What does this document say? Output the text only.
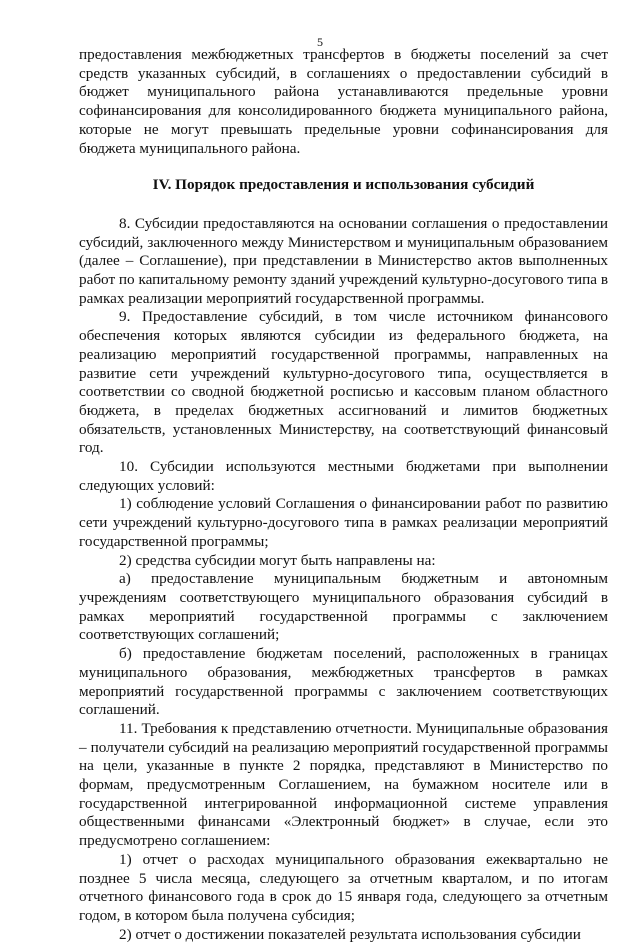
5

предоставления межбюджетных трансфертов в бюджеты поселений за счет средств указанных субсидий, в соглашениях о предоставлении субсидий в бюджет муниципального района устанавливаются предельные уровни софинансирования для консолидированного бюджета муниципального района, которые не могут превышать предельные уровни софинансирования для бюджета муниципального района.

IV. Порядок предоставления и использования субсидий

8. Субсидии предоставляются на основании соглашения о предоставлении субсидий, заключенного между Министерством и муниципальным образованием (далее – Соглашение), при представлении в Министерство актов выполненных работ по капитальному ремонту зданий учреждений культурно-досугового типа в рамках реализации мероприятий государственной программы.

9. Предоставление субсидий, в том числе источником финансового обеспечения которых являются субсидии из федерального бюджета, на реализацию мероприятий государственной программы, направленных на развитие сети учреждений культурно-досугового типа, осуществляется в соответствии со сводной бюджетной росписью и кассовым планом областного бюджета, в пределах бюджетных ассигнований и лимитов бюджетных обязательств, установленных Министерству, на соответствующий финансовый год.

10. Субсидии используются местными бюджетами при выполнении следующих условий:

1) соблюдение условий Соглашения о финансировании работ по развитию сети учреждений культурно-досугового типа в рамках реализации мероприятий государственной программы;

2) средства субсидии могут быть направлены на:

а) предоставление муниципальным бюджетным и автономным учреждениям соответствующего муниципального образования субсидий в рамках мероприятий государственной программы с заключением соответствующих соглашений;

б) предоставление бюджетам поселений, расположенных в границах муниципального образования, межбюджетных трансфертов в рамках мероприятий государственной программы с заключением соответствующих соглашений.

11. Требования к представлению отчетности. Муниципальные образования – получатели субсидий на реализацию мероприятий государственной программы на цели, указанные в пункте 2 порядка, представляют в Министерство по формам, предусмотренным Соглашением, на бумажном носителе или в государственной интегрированной информационной системе управления общественными финансами «Электронный бюджет» в случае, если это предусмотрено соглашением:

1) отчет о расходах муниципального образования ежеквартально не позднее 5 числа месяца, следующего за отчетным кварталом, и по итогам отчетного финансового года в срок до 15 января года, следующего за отчетным годом, в котором была получена субсидия;

2) отчет о достижении показателей результата использования субсидии
